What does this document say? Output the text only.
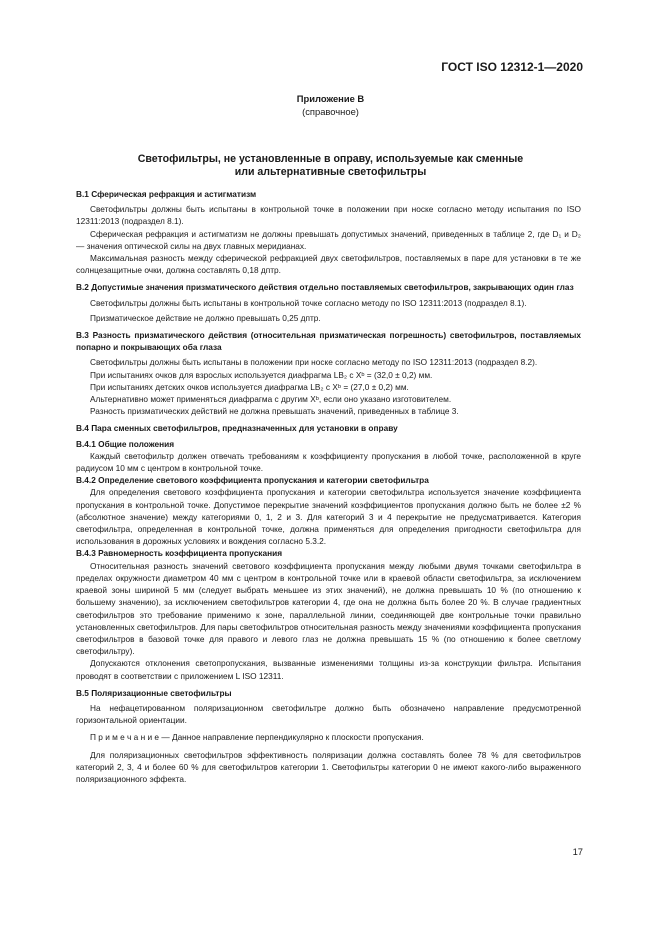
ГОСТ ISO 12312-1—2020
Приложение В
(справочное)
Светофильтры, не установленные в оправу, используемые как сменные
или альтернативные светофильтры

В.1 Сферическая рефракция и астигматизм

Светофильтры должны быть испытаны в контрольной точке в положении при носке согласно методу испытания по ISO 12311:2013 (подраздел 8.1).

Сферическая рефракция и астигматизм не должны превышать допустимых значений, приведенных в таблице 2, где D₁ и D₂ — значения оптической силы на двух главных меридианах.

Максимальная разность между сферической рефракцией двух светофильтров, поставляемых в паре для установки в те же солнцезащитные очки, должна составлять 0,18 дптр.

В.2 Допустимые значения призматического действия отдельно поставляемых светофильтров, закрывающих один глаз

Светофильтры должны быть испытаны в контрольной точке согласно методу по ISO 12311:2013 (подраздел 8.1).

Призматическое действие не должно превышать 0,25 дптр.

В.3 Разность призматического действия (относительная призматическая погрешность) светофильтров, поставляемых попарно и покрывающих оба глаза

Светофильтры должны быть испытаны в положении при носке согласно методу по ISO 12311:2013 (подраздел 8.2).

При испытаниях очков для взрослых используется диафрагма LB₂ с Xᵇ = (32,0 ± 0,2) мм.

При испытаниях детских очков используется диафрагма LB₂ с Xᵇ = (27,0 ± 0,2) мм.

Альтернативно может применяться диафрагма с другим Xᵇ, если оно указано изготовителем.

Разность призматических действий не должна превышать значений, приведенных в таблице 3.

В.4 Пара сменных светофильтров, предназначенных для установки в оправу

В.4.1 Общие положения

Каждый светофильтр должен отвечать требованиям к коэффициенту пропускания в любой точке, расположенной в круге радиусом 10 мм с центром в контрольной точке.

В.4.2 Определение светового коэффициента пропускания и категории светофильтра

Для определения светового коэффициента пропускания и категории светофильтра используется значение коэффициента пропускания в контрольной точке. Допустимое перекрытие значений коэффициентов пропускания должно быть не более ±2 % (абсолютное значение) между категориями 0, 1, 2 и 3. Для категорий 3 и 4 перекрытие не предусматривается. Категория светофильтра, определенная в контрольной точке, должна применяться для определения пригодности светофильтра для использования в дорожных условиях и вождения согласно 5.3.2.

В.4.3 Равномерность коэффициента пропускания

Относительная разность значений светового коэффициента пропускания между любыми двумя точками светофильтра в пределах окружности диаметром 40 мм с центром в контрольной точке или в краевой области светофильтра, за исключением краевой зоны шириной 5 мм (следует выбрать меньшее из этих значений), не должна превышать 10 % (по отношению к большему значению), за исключением светофильтров категории 4, где она не должна быть более 20 %. В случае градиентных светофильтров это требование применимо к зоне, параллельной линии, соединяющей две контрольные точки правильно установленных светофильтров. Для пары светофильтров относительная разность между значениями коэффициента пропускания светофильтров в базовой точке для правого и левого глаз не должна превышать 15 % (по отношению к более светлому светофильтру).

Допускаются отклонения светопропускания, вызванные изменениями толщины из-за конструкции фильтра. Испытания проводят в соответствии с приложением L ISO 12311.

В.5 Поляризационные светофильтры

На нефацетированном поляризационном светофильтре должно быть обозначено направление предусмотренной горизонтальной ориентации.

П р и м е ч а н и е — Данное направление перпендикулярно к плоскости пропускания.

Для поляризационных светофильтров эффективность поляризации должна составлять более 78 % для светофильтров категорий 2, 3, 4 и более 60 % для светофильтров категории 1. Светофильтры категории 0 не имеют какого-либо выраженного поляризационного эффекта.

17
